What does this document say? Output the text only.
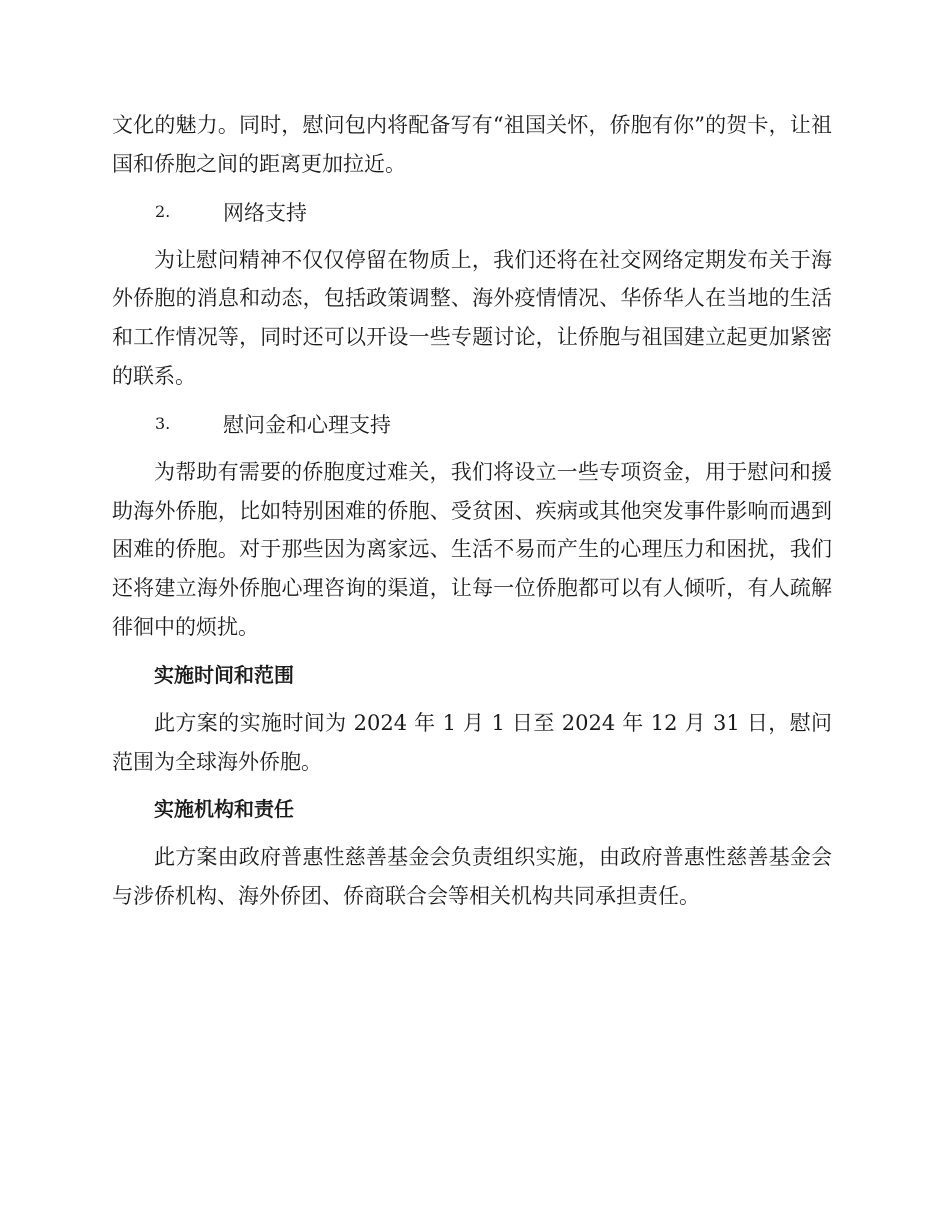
文化的魅力。同时，慰问包内将配备写有“祖国关怀，侨胞有你”的贺卡，让祖国和侨胞之间的距离更加拉近。

2.	网络支持

为让慰问精神不仅仅停留在物质上，我们还将在社交网络定期发布关于海外侨胞的消息和动态，包括政策调整、海外疫情情况、华侨华人在当地的生活和工作情况等，同时还可以开设一些专题讨论，让侨胞与祖国建立起更加紧密的联系。

3.	慰问金和心理支持

为帮助有需要的侨胞度过难关，我们将设立一些专项资金，用于慰问和援助海外侨胞，比如特别困难的侨胞、受贫困、疾病或其他突发事件影响而遇到困难的侨胞。对于那些因为离家远、生活不易而产生的心理压力和困扰，我们还将建立海外侨胞心理咨询的渠道，让每一位侨胞都可以有人倾听，有人疏解徘徊中的烦扰。

实施时间和范围

此方案的实施时间为 2024 年 1 月 1 日至 2024 年 12 月 31 日，慰问范围为全球海外侨胞。

实施机构和责任

此方案由政府普惠性慈善基金会负责组织实施，由政府普惠性慈善基金会与涉侨机构、海外侨团、侨商联合会等相关机构共同承担责任。
